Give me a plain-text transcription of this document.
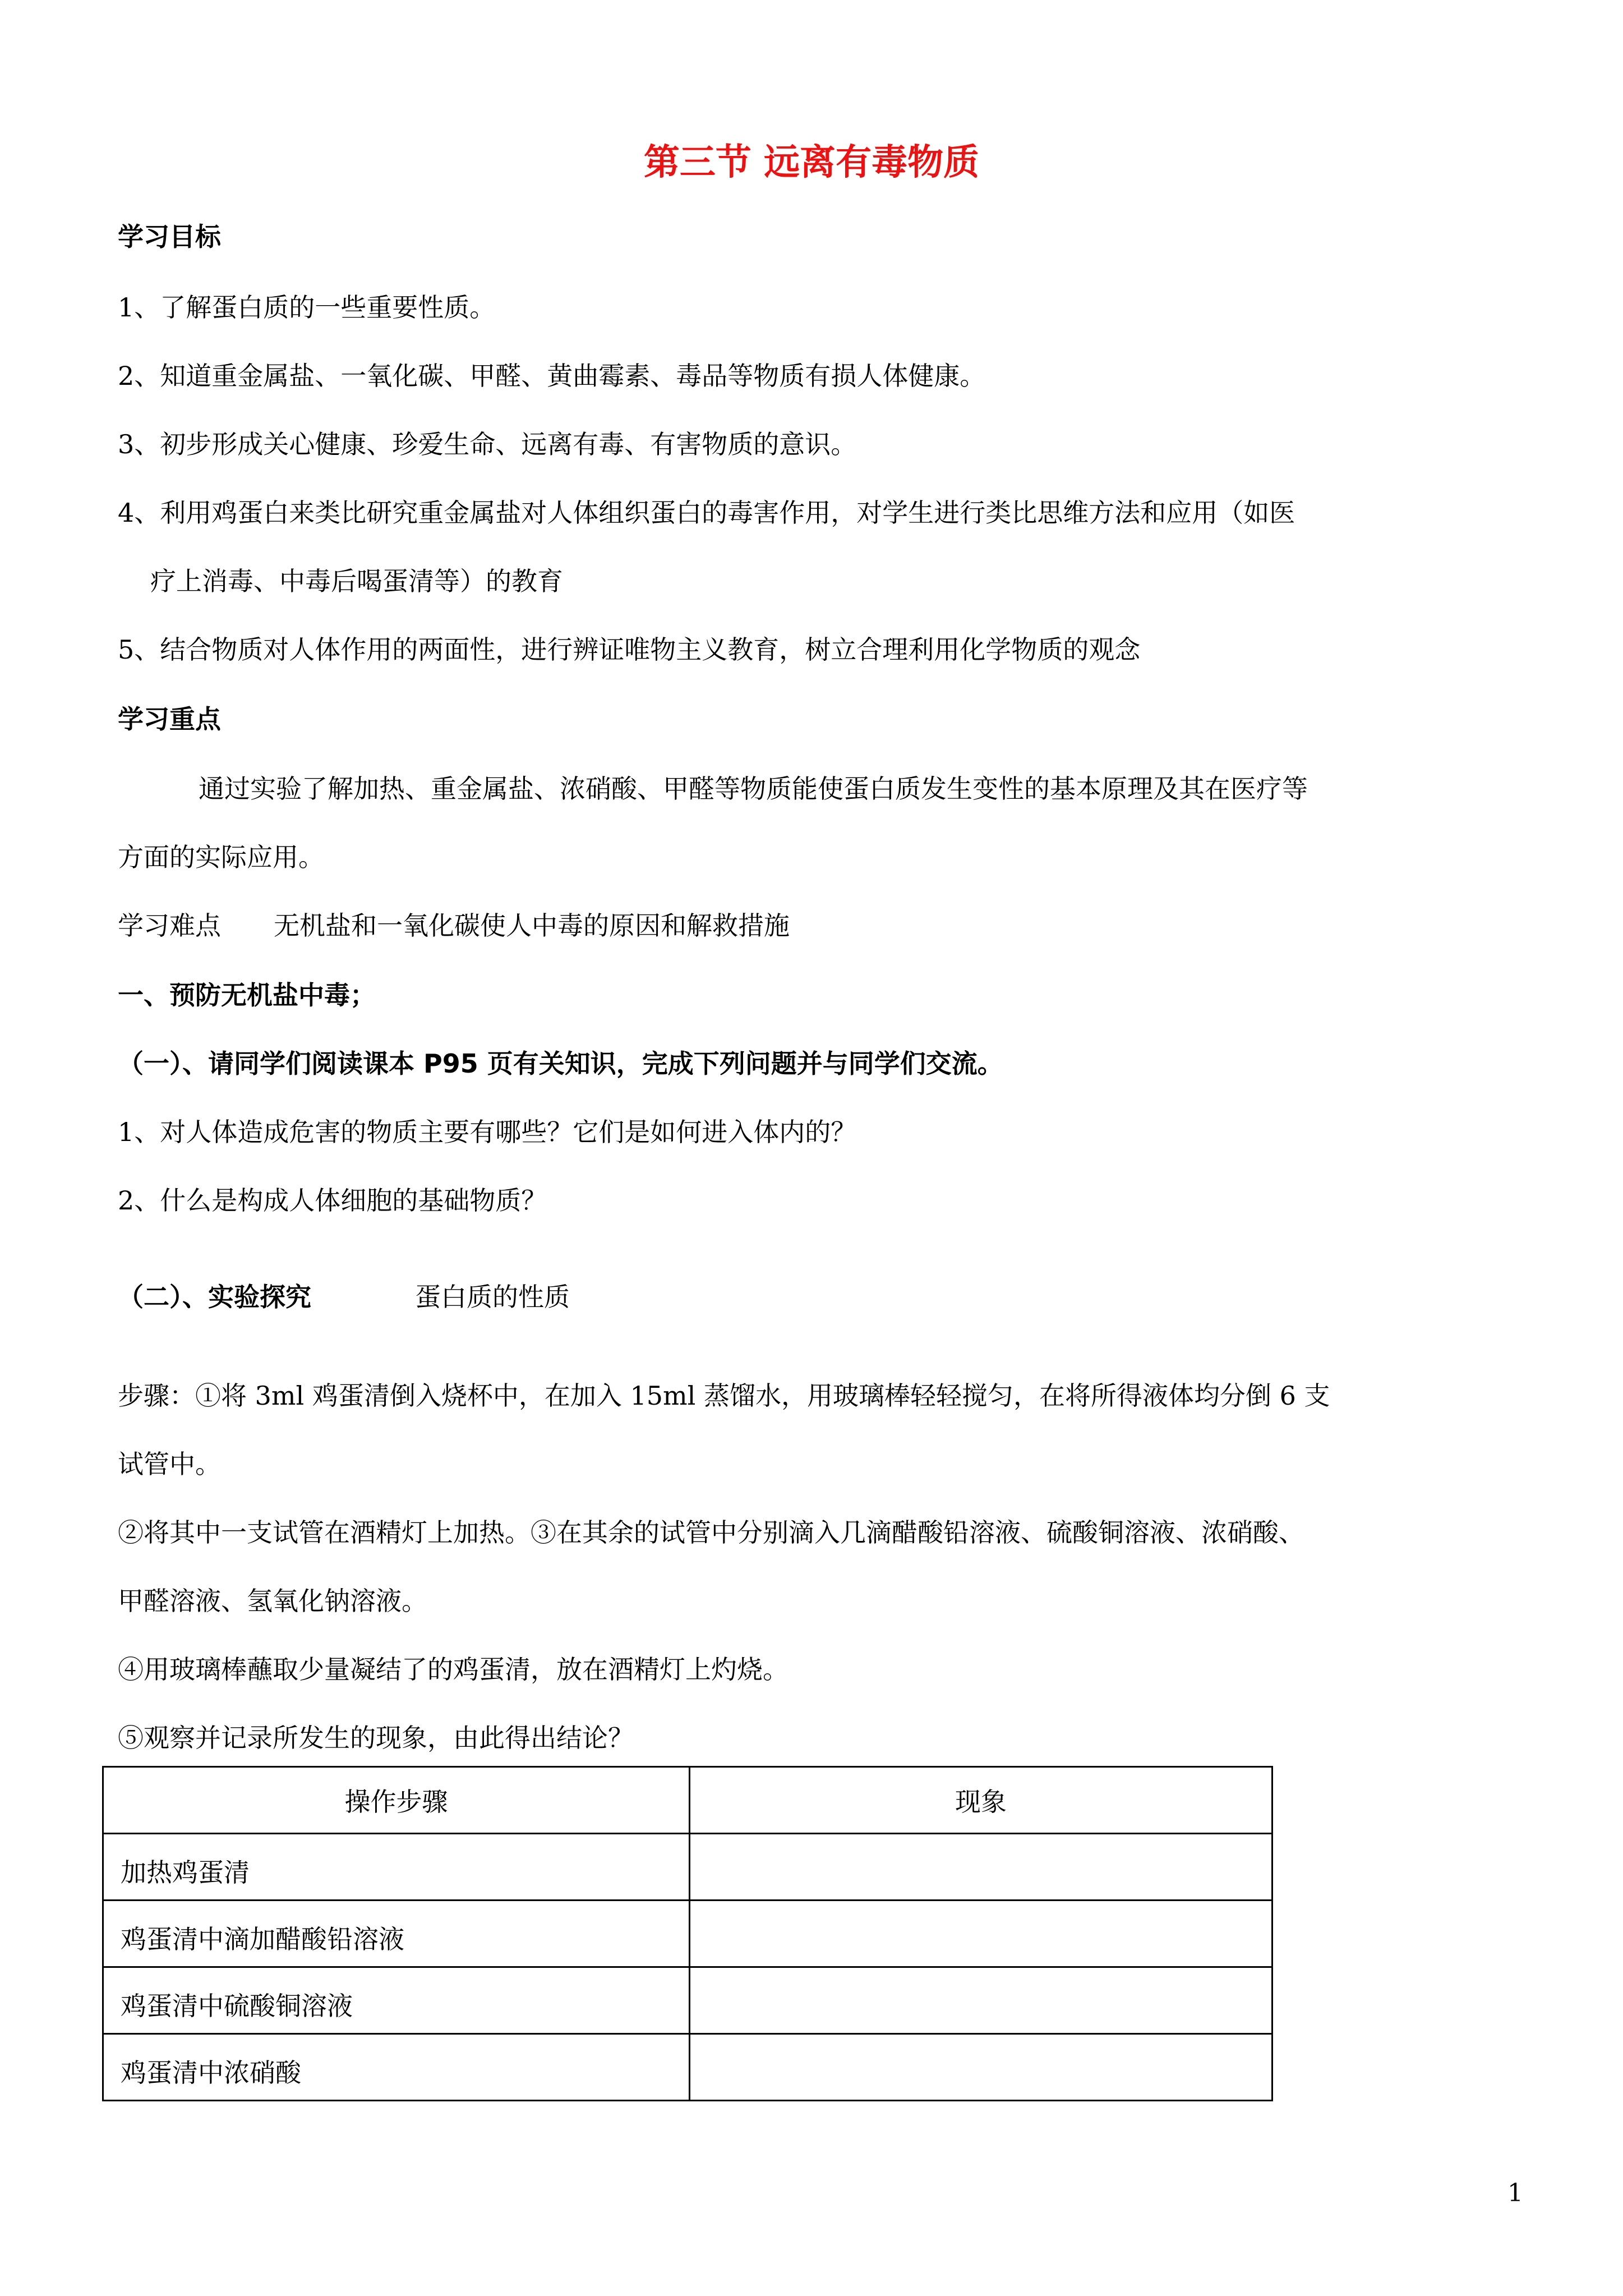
第三节 远离有毒物质
学习目标
1、了解蛋白质的一些重要性质。
2、知道重金属盐、一氧化碳、甲醛、黄曲霉素、毒品等物质有损人体健康。
3、初步形成关心健康、珍爱生命、远离有毒、有害物质的意识。
4、利用鸡蛋白来类比研究重金属盐对人体组织蛋白的毒害作用，对学生进行类比思维方法和应用（如医
疗上消毒、中毒后喝蛋清等）的教育
5、结合物质对人体作用的两面性，进行辨证唯物主义教育，树立合理利用化学物质的观念
学习重点
通过实验了解加热、重金属盐、浓硝酸、甲醛等物质能使蛋白质发生变性的基本原理及其在医疗等
方面的实际应用。
学习难点 无机盐和一氧化碳使人中毒的原因和解救措施
一、预防无机盐中毒；
（一）、请同学们阅读课本 P95 页有关知识，完成下列问题并与同学们交流。
1、对人体造成危害的物质主要有哪些？它们是如何进入体内的？
2、什么是构成人体细胞的基础物质？
（二）、实验探究	蛋白质的性质
步骤：①将 3ml 鸡蛋清倒入烧杯中，在加入 15ml 蒸馏水，用玻璃棒轻轻搅匀，在将所得液体均分倒 6 支
试管中。
②将其中一支试管在酒精灯上加热。③在其余的试管中分别滴入几滴醋酸铅溶液、硫酸铜溶液、浓硝酸、
甲醛溶液、氢氧化钠溶液。
④用玻璃棒蘸取少量凝结了的鸡蛋清，放在酒精灯上灼烧。
⑤观察并记录所发生的现象，由此得出结论？
操作步骤	现象
加热鸡蛋清	
鸡蛋清中滴加醋酸铅溶液	
鸡蛋清中硫酸铜溶液	
鸡蛋清中浓硝酸	
1
